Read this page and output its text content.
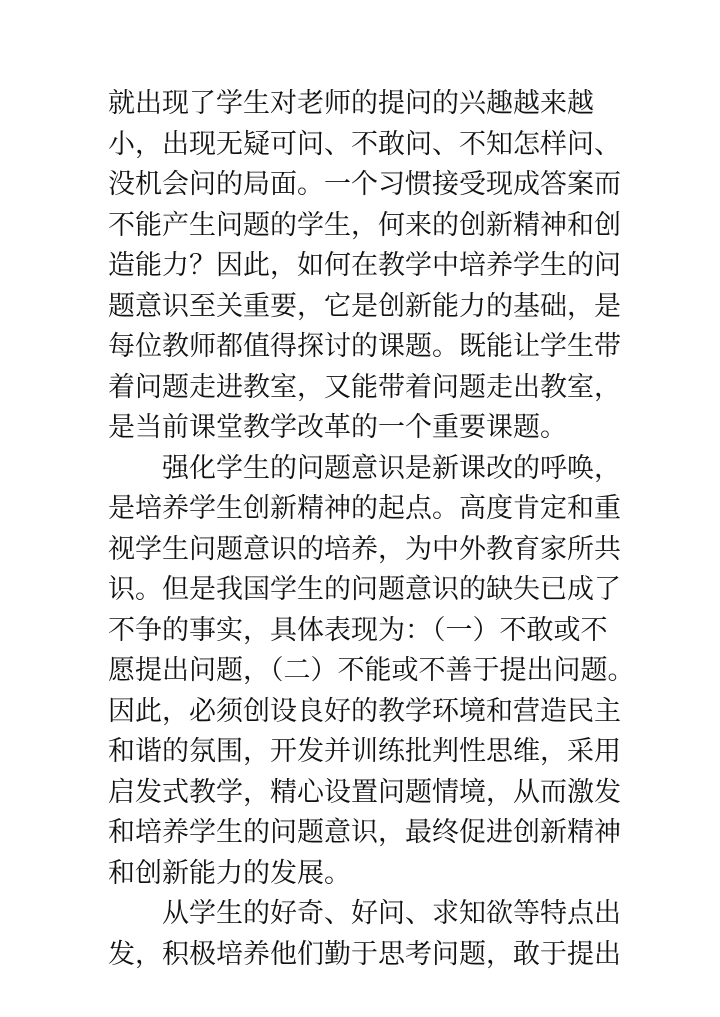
就出现了学生对老师的提问的兴趣越来越
小，出现无疑可问、不敢问、不知怎样问、
没机会问的局面。一个习惯接受现成答案而
不能产生问题的学生，何来的创新精神和创
造能力？因此，如何在教学中培养学生的问
题意识至关重要，它是创新能力的基础，是
每位教师都值得探讨的课题。既能让学生带
着问题走进教室，又能带着问题走出教室，
是当前课堂教学改革的一个重要课题。
强化学生的问题意识是新课改的呼唤，
是培养学生创新精神的起点。高度肯定和重
视学生问题意识的培养，为中外教育家所共
识。但是我国学生的问题意识的缺失已成了
不争的事实，具体表现为：（一）不敢或不
愿提出问题，（二）不能或不善于提出问题。
因此，必须创设良好的教学环境和营造民主
和谐的氛围，开发并训练批判性思维，采用
启发式教学，精心设置问题情境，从而激发
和培养学生的问题意识，最终促进创新精神
和创新能力的发展。
从学生的好奇、好问、求知欲等特点出
发，积极培养他们勤于思考问题，敢于提出
